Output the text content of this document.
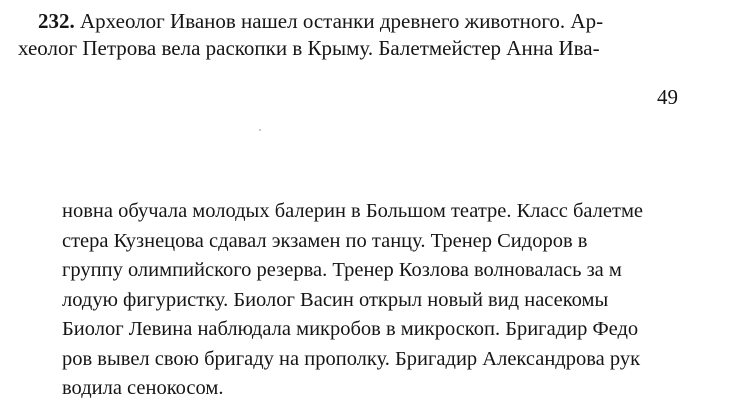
232. Археолог Иванов нашел останки древнего животного. Ар-
хеолог Петрова вела раскопки в Крыму. Балетмейстер Анна Ива-
49
новна обучала молодых балерин в Большом театре. Класс балетме
стера Кузнецова сдавал экзамен по танцу. Тренер Сидоров в
группу олимпийского резерва. Тренер Козлова волновалась за м
лодую фигуристку. Биолог Васин открыл новый вид насекомы
Биолог Левина наблюдала микробов в микроскоп. Бригадир Федо
ров вывел свою бригаду на прополку. Бригадир Александрова рук
водила сенокосом.
